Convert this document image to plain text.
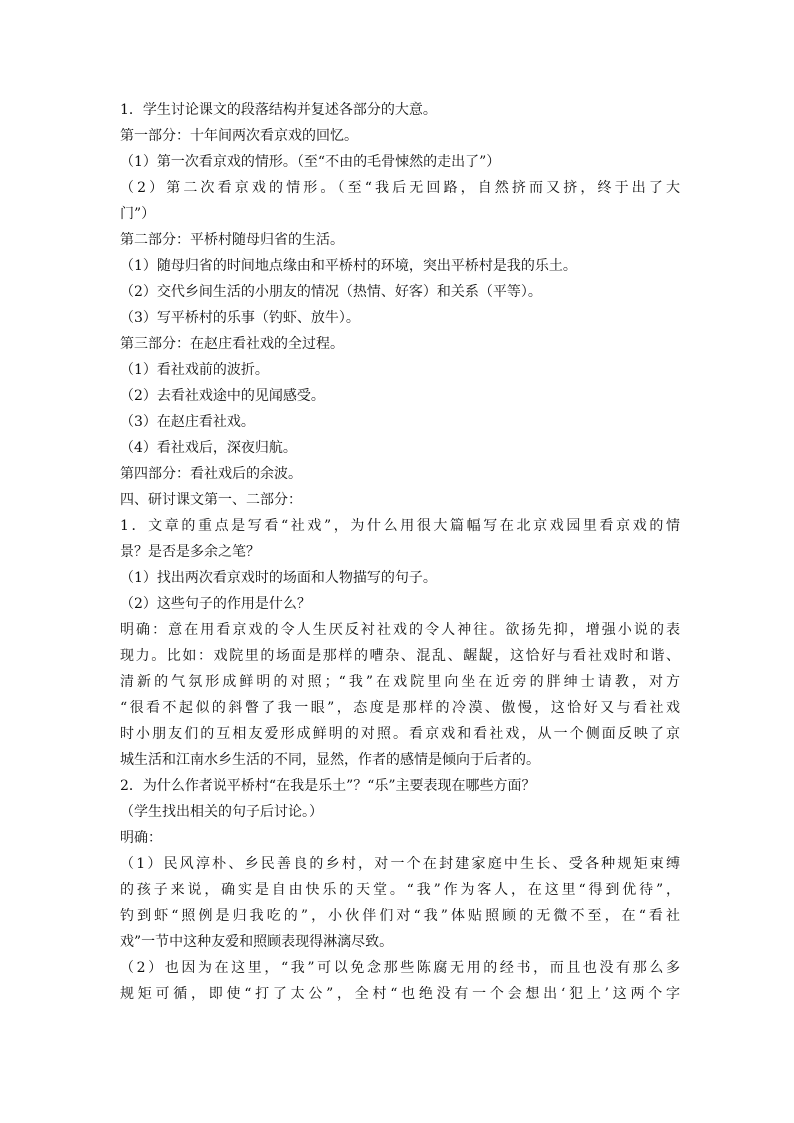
1．学生讨论课文的段落结构并复述各部分的大意。
第一部分：十年间两次看京戏的回忆。
（1）第一次看京戏的情形。（至“不由的毛骨悚然的走出了”）
（2）第二次看京戏的情形。（至“我后无回路，自然挤而又挤，终于出了大
门”）
第二部分：平桥村随母归省的生活。
（1）随母归省的时间地点缘由和平桥村的环境，突出平桥村是我的乐土。
（2）交代乡间生活的小朋友的情况（热情、好客）和关系（平等）。
（3）写平桥村的乐事（钓虾、放牛）。
第三部分：在赵庄看社戏的全过程。
（1）看社戏前的波折。
（2）去看社戏途中的见闻感受。
（3）在赵庄看社戏。
（4）看社戏后，深夜归航。
第四部分：看社戏后的余波。
四、研讨课文第一、二部分：
1．文章的重点是写看“社戏”，为什么用很大篇幅写在北京戏园里看京戏的情
景？是否是多余之笔？
（1）找出两次看京戏时的场面和人物描写的句子。
（2）这些句子的作用是什么？
明确：意在用看京戏的令人生厌反衬社戏的令人神往。欲扬先抑，增强小说的表
现力。比如：戏院里的场面是那样的嘈杂、混乱、龌龊，这恰好与看社戏时和谐、
清新的气氛形成鲜明的对照；“我”在戏院里向坐在近旁的胖绅士请教，对方
“很看不起似的斜瞥了我一眼”，态度是那样的冷漠、傲慢，这恰好又与看社戏
时小朋友们的互相友爱形成鲜明的对照。看京戏和看社戏，从一个侧面反映了京
城生活和江南水乡生活的不同，显然，作者的感情是倾向于后者的。
2．为什么作者说平桥村“在我是乐土”？“乐”主要表现在哪些方面？
（学生找出相关的句子后讨论。）
明确：
（1）民风淳朴、乡民善良的乡村，对一个在封建家庭中生长、受各种规矩束缚
的孩子来说，确实是自由快乐的天堂。“我”作为客人，在这里“得到优待”，
钓到虾“照例是归我吃的”，小伙伴们对“我”体贴照顾的无微不至，在“看社
戏”一节中这种友爱和照顾表现得淋漓尽致。
（2）也因为在这里，“我”可以免念那些陈腐无用的经书，而且也没有那么多
规矩可循，即使“打了太公”，全村“也绝没有一个会想出‘犯上’这两个字
